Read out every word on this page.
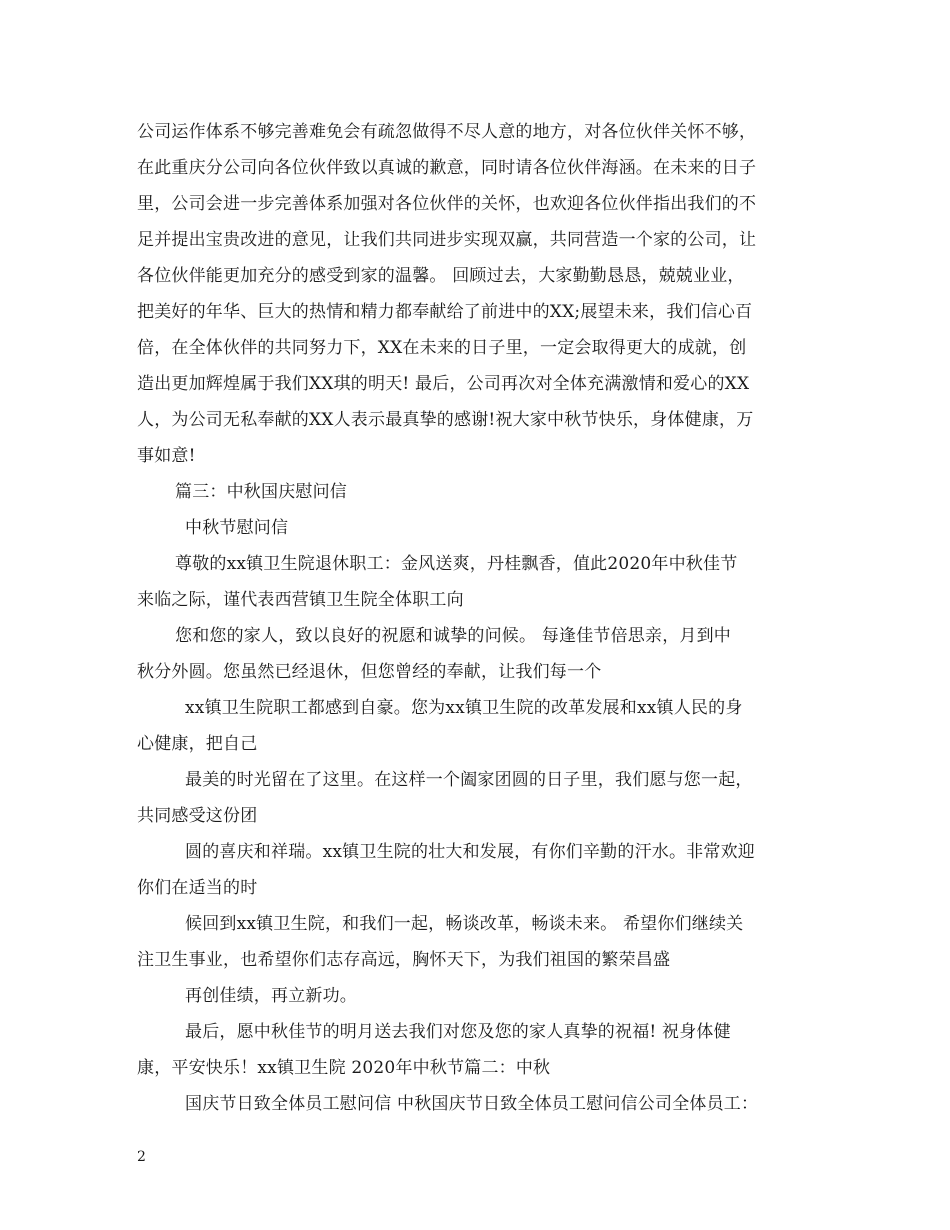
公司运作体系不够完善难免会有疏忽做得不尽人意的地方，对各位伙伴关怀不够，
在此重庆分公司向各位伙伴致以真诚的歉意，同时请各位伙伴海涵。在未来的日子
里，公司会进一步完善体系加强对各位伙伴的关怀，也欢迎各位伙伴指出我们的不
足并提出宝贵改进的意见，让我们共同进步实现双赢，共同营造一个家的公司，让
各位伙伴能更加充分的感受到家的温馨。 回顾过去，大家勤勤恳恳，兢兢业业，
把美好的年华、巨大的热情和精力都奉献给了前进中的XX;展望未来，我们信心百
倍，在全体伙伴的共同努力下，XX在未来的日子里，一定会取得更大的成就，创
造出更加辉煌属于我们XX琪的明天! 最后，公司再次对全体充满激情和爱心的XX
人，为公司无私奉献的XX人表示最真挚的感谢!祝大家中秋节快乐，身体健康，万
事如意!
篇三：中秋国庆慰问信
中秋节慰问信
尊敬的xx镇卫生院退休职工：金风送爽，丹桂飘香，值此2020年中秋佳节
来临之际，谨代表西营镇卫生院全体职工向
您和您的家人，致以良好的祝愿和诚挚的问候。 每逢佳节倍思亲，月到中
秋分外圆。您虽然已经退休，但您曾经的奉献，让我们每一个
xx镇卫生院职工都感到自豪。您为xx镇卫生院的改革发展和xx镇人民的身
心健康，把自己
最美的时光留在了这里。在这样一个阖家团圆的日子里，我们愿与您一起，
共同感受这份团
圆的喜庆和祥瑞。xx镇卫生院的壮大和发展，有你们辛勤的汗水。非常欢迎
你们在适当的时
候回到xx镇卫生院，和我们一起，畅谈改革，畅谈未来。 希望你们继续关
注卫生事业，也希望你们志存高远，胸怀天下，为我们祖国的繁荣昌盛
再创佳绩，再立新功。
最后，愿中秋佳节的明月送去我们对您及您的家人真挚的祝福! 祝身体健
康，平安快乐！xx镇卫生院 2020年中秋节篇二：中秋
国庆节日致全体员工慰问信 中秋国庆节日致全体员工慰问信公司全体员工：
2
